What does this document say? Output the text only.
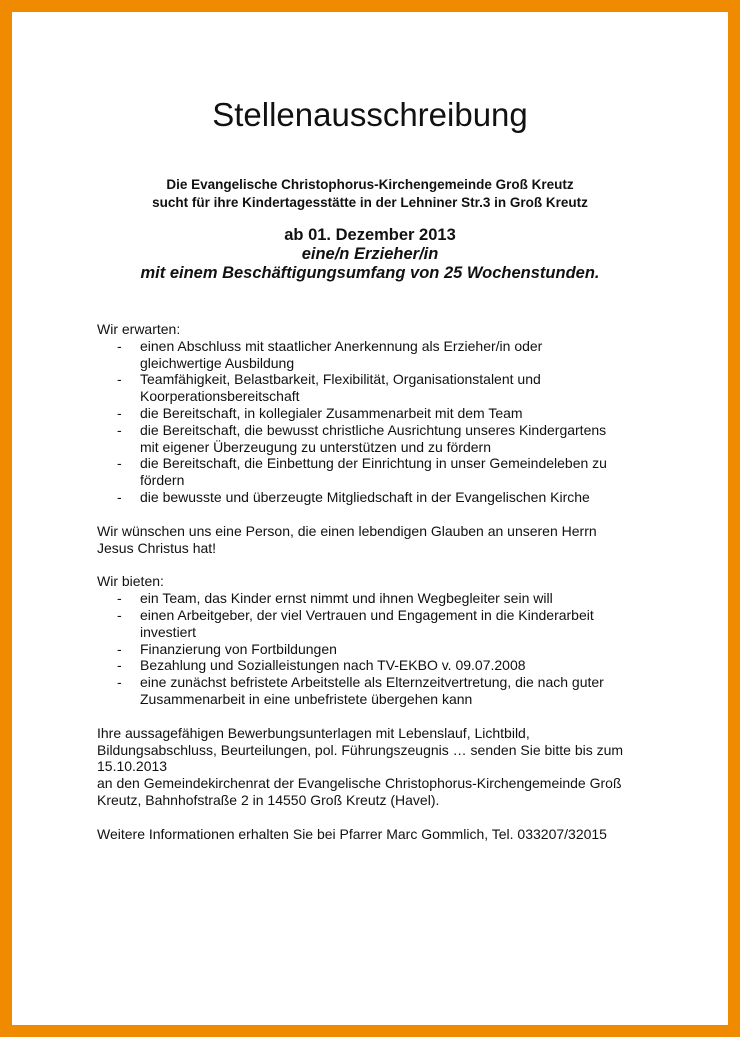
Stellenausschreibung
Die Evangelische Christophorus-Kirchengemeinde Groß Kreutz
sucht für ihre Kindertagesstätte in der Lehniner Str.3 in Groß Kreutz
ab 01. Dezember 2013
eine/n Erzieher/in
mit einem Beschäftigungsumfang von 25 Wochenstunden.

Wir erwarten:

- einen Abschluss mit staatlicher Anerkennung als Erzieher/in oder
gleichwertige Ausbildung
- Teamfähigkeit, Belastbarkeit, Flexibilität, Organisationstalent und
Koorperationsbereitschaft
- die Bereitschaft, in kollegialer Zusammenarbeit mit dem Team
- die Bereitschaft, die bewusst christliche Ausrichtung unseres Kindergartens
mit eigener Überzeugung zu unterstützen und zu fördern
- die Bereitschaft, die Einbettung der Einrichtung in unser Gemeindeleben zu
fördern
- die bewusste und überzeugte Mitgliedschaft in der Evangelischen Kirche
Wir wünschen uns eine Person, die einen lebendigen Glauben an unseren Herrn
Jesus Christus hat!

Wir bieten:

- ein Team, das Kinder ernst nimmt und ihnen Wegbegleiter sein will
- einen Arbeitgeber, der viel Vertrauen und Engagement in die Kinderarbeit
investiert
- Finanzierung von Fortbildungen
- Bezahlung und Sozialleistungen nach TV-EKBO v. 09.07.2008
- eine zunächst befristete Arbeitstelle als Elternzeitvertretung, die nach guter
Zusammenarbeit in eine unbefristete übergehen kann
Ihre aussagefähigen Bewerbungsunterlagen mit Lebenslauf, Lichtbild,
Bildungsabschluss, Beurteilungen, pol. Führungszeugnis … senden Sie bitte bis zum
15.10.2013
an den Gemeindekirchenrat der Evangelische Christophorus-Kirchengemeinde Groß
Kreutz, Bahnhofstraße 2 in 14550 Groß Kreutz (Havel).
Weitere Informationen erhalten Sie bei Pfarrer Marc Gommlich, Tel. 033207/32015
